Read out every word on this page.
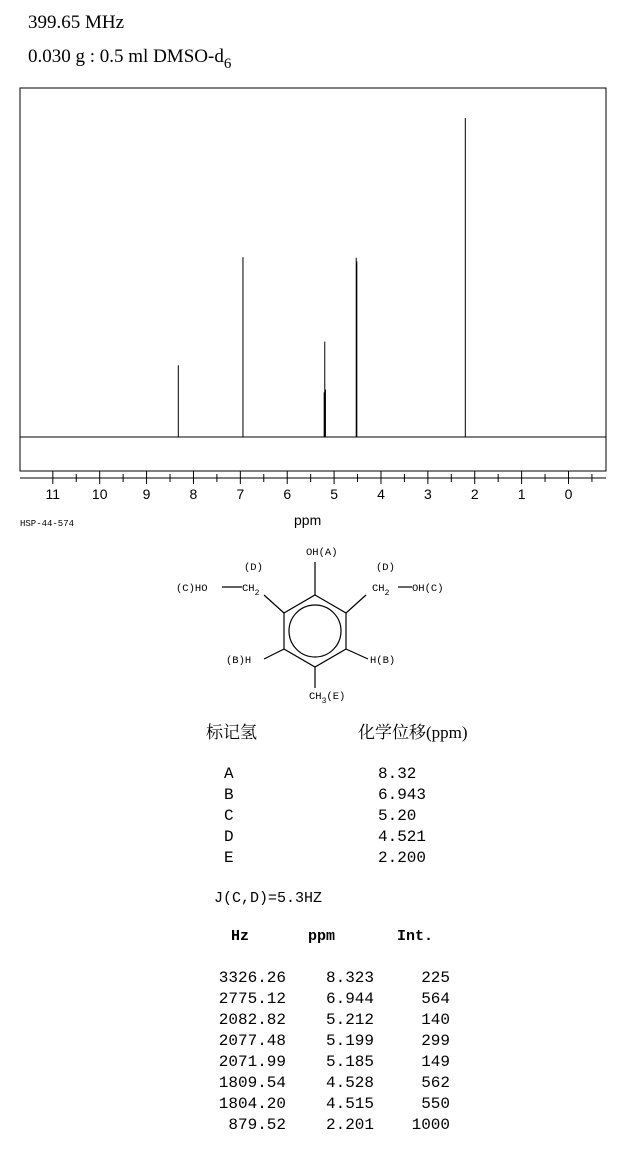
399.65 MHz
0.030 g : 0.5 ml DMSO-$d_6$
11 10	9	8	7	6	5	4	3	2	1	0
HSP-44-574	ppm
OH(A)
(D)	(D)
(C)HO	$CH_2$	$CH_2$ OH(C)
(B)H	H(B)
$CH_3(E)$
标记氢	化学位移(ppm)
A	8.32
B	6.943
C	5.20
D	4.521
E	2.200
J(C,D)=5.3HZ
Hz	ppm	Int.
3326.26	8.323	225
2775.12	6.944	564
2082.82	5.212	140
2077.48	5.199	299
2071.99	5.185	149
1809.54	4.528	562
1804.20	4.515	550
879.52	2.201	1000
